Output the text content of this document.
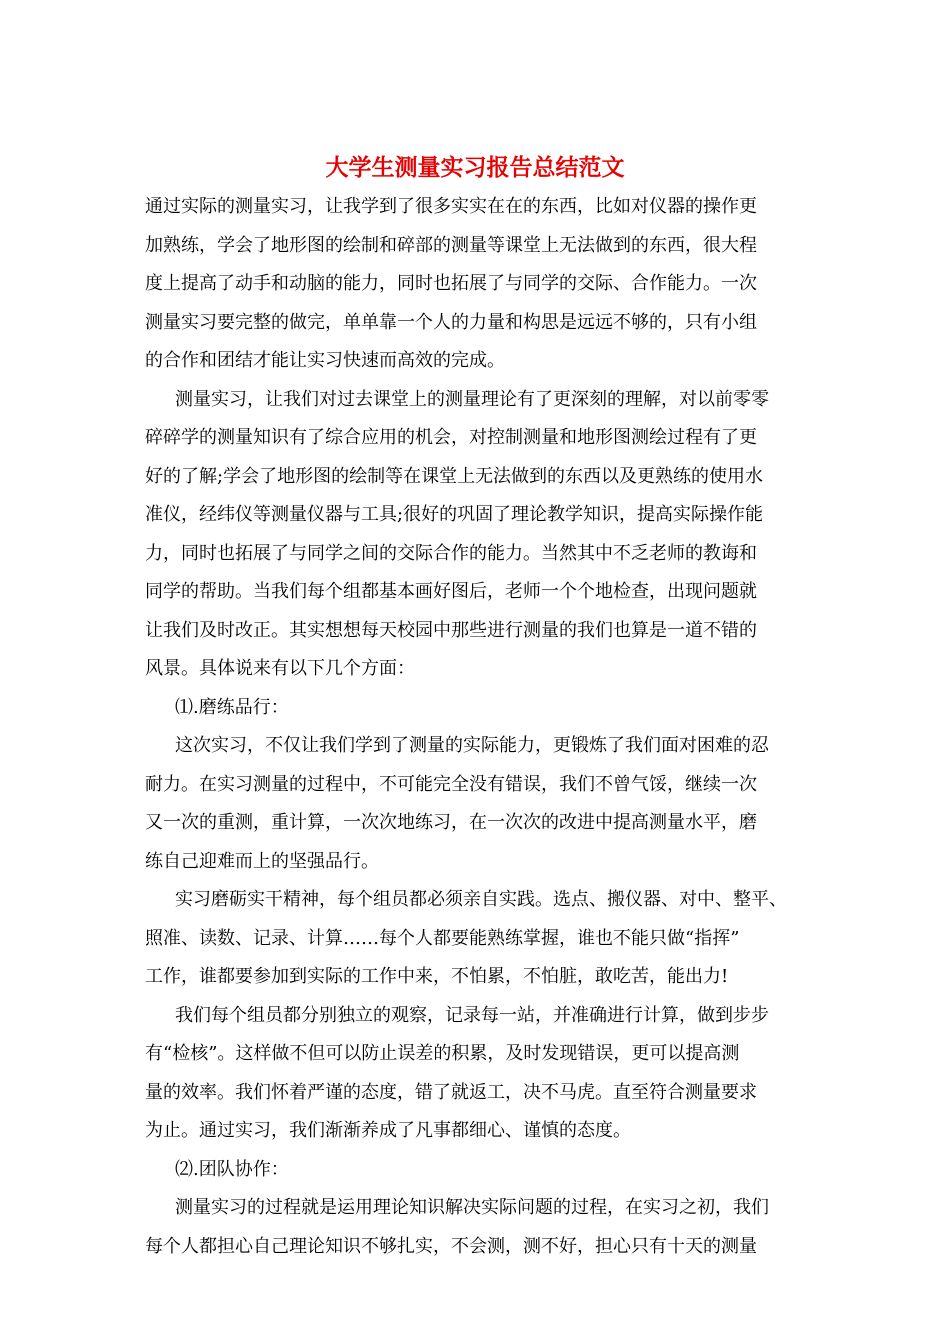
大学生测量实习报告总结范文
通过实际的测量实习，让我学到了很多实实在在的东西，比如对仪器的操作更
加熟练，学会了地形图的绘制和碎部的测量等课堂上无法做到的东西，很大程
度上提高了动手和动脑的能力，同时也拓展了与同学的交际、合作能力。一次
测量实习要完整的做完，单单靠一个人的力量和构思是远远不够的，只有小组
的合作和团结才能让实习快速而高效的完成。
测量实习，让我们对过去课堂上的测量理论有了更深刻的理解，对以前零零
碎碎学的测量知识有了综合应用的机会，对控制测量和地形图测绘过程有了更
好的了解;学会了地形图的绘制等在课堂上无法做到的东西以及更熟练的使用水
准仪，经纬仪等测量仪器与工具;很好的巩固了理论教学知识，提高实际操作能
力，同时也拓展了与同学之间的交际合作的能力。当然其中不乏老师的教诲和
同学的帮助。当我们每个组都基本画好图后，老师一个个地检查，出现问题就
让我们及时改正。其实想想每天校园中那些进行测量的我们也算是一道不错的
风景。具体说来有以下几个方面：
⑴.磨练品行：
这次实习，不仅让我们学到了测量的实际能力，更锻炼了我们面对困难的忍
耐力。在实习测量的过程中，不可能完全没有错误，我们不曾气馁，继续一次
又一次的重测，重计算，一次次地练习，在一次次的改进中提高测量水平，磨
练自己迎难而上的坚强品行。
实习磨砺实干精神，每个组员都必须亲自实践。选点、搬仪器、对中、整平、
照准、读数、记录、计算……每个人都要能熟练掌握，谁也不能只做“指挥”
工作，谁都要参加到实际的工作中来，不怕累，不怕脏，敢吃苦，能出力!
我们每个组员都分别独立的观察，记录每一站，并准确进行计算，做到步步
有“检核”。这样做不但可以防止误差的积累，及时发现错误，更可以提高测
量的效率。我们怀着严谨的态度，错了就返工，决不马虎。直至符合测量要求
为止。通过实习，我们渐渐养成了凡事都细心、谨慎的态度。
⑵.团队协作：
测量实习的过程就是运用理论知识解决实际问题的过程，在实习之初，我们
每个人都担心自己理论知识不够扎实，不会测，测不好，担心只有十天的测量
